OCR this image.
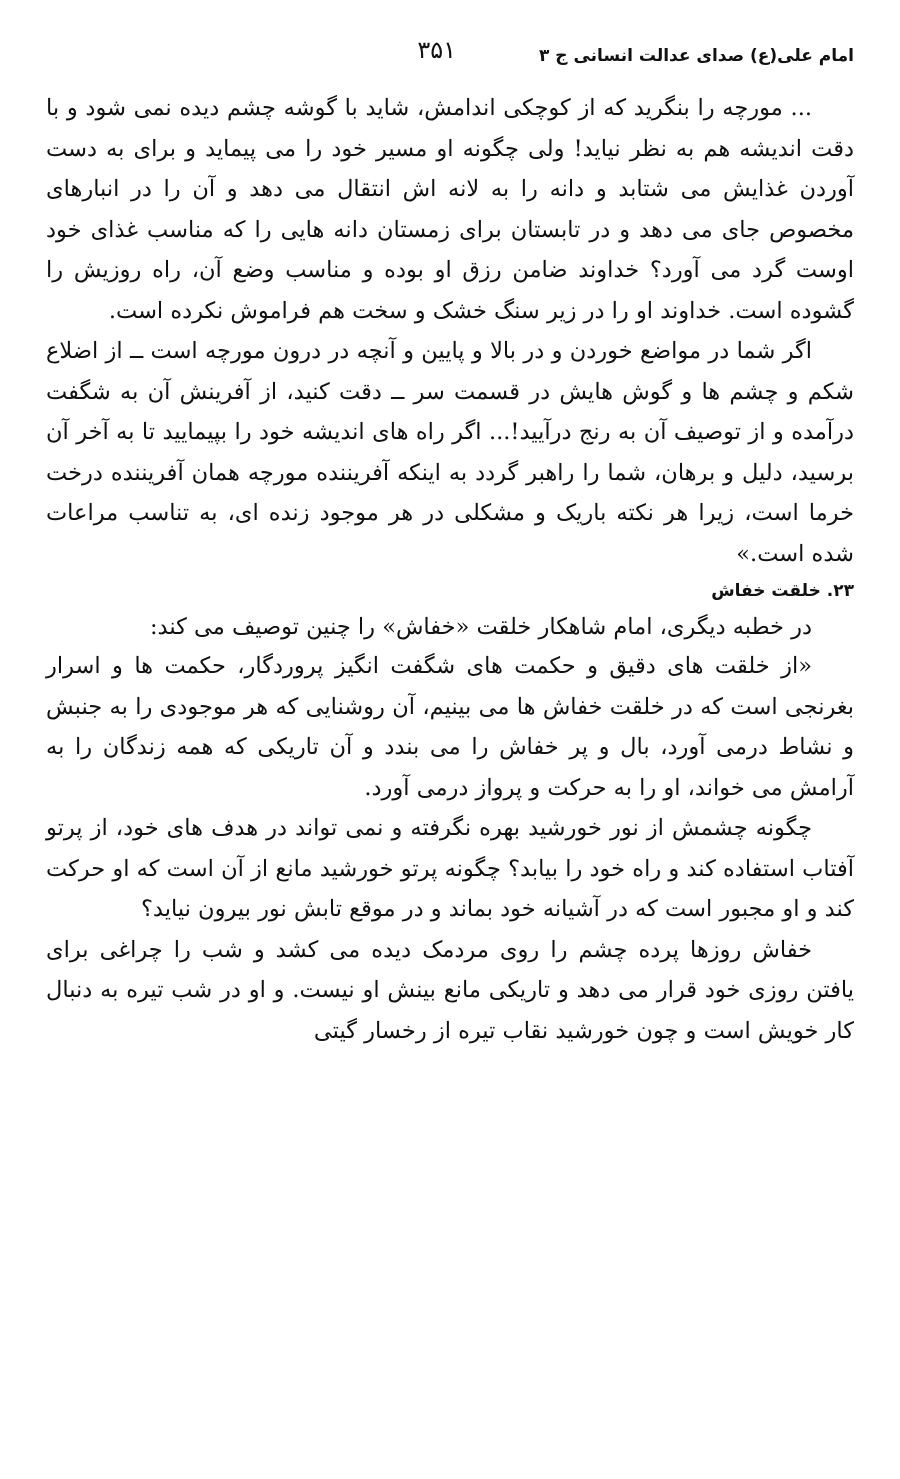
امام علی(ع) صدای عدالت انسانی ج ۳
۳۵۱

... مورچه را بنگرید که از کوچکی اندامش، شاید با گوشه چشم دیده نمی شود و با دقت اندیشه هم به نظر نیاید! ولی چگونه او مسیر خود را می پیماید و برای به دست آوردن غذایش می شتابد و دانه را به لانه اش انتقال می دهد و آن را در انبارهای مخصوص جای می دهد و در تابستان برای زمستان دانه هایی را که مناسب غذای خود اوست گرد می آورد؟ خداوند ضامن رزق او بوده و مناسب وضع آن، راه روزیش را گشوده است. خداوند او را در زیر سنگ خشک و سخت هم فراموش نکرده است.

اگر شما در مواضع خوردن و در بالا و پایین و آنچه در درون مورچه است ــ از اضلاع شکم و چشم ها و گوش هایش در قسمت سر ــ دقت کنید، از آفرینش آن به شگفت درآمده و از توصیف آن به رنج درآیید!... اگر راه های اندیشه خود را بپیمایید تا به آخر آن برسید، دلیل و برهان، شما را راهبر گردد به اینکه آفریننده مورچه همان آفریننده درخت خرما است، زیرا هر نکته باریک و مشکلی در هر موجود زنده ای، به تناسب مراعات شده است.»

۲۳. خلقت خفاش

در خطبه دیگری، امام شاهکار خلقت «خفاش» را چنین توصیف می کند:

«از خلقت های دقیق و حکمت های شگفت انگیز پروردگار، حکمت ها و اسرار بغرنجی است که در خلقت خفاش ها می بینیم، آن روشنایی که هر موجودی را به جنبش و نشاط درمی آورد، بال و پر خفاش را می بندد و آن تاریکی که همه زندگان را به آرامش می خواند، او را به حرکت و پرواز درمی آورد.

چگونه چشمش از نور خورشید بهره نگرفته و نمی تواند در هدف های خود، از پرتو آفتاب استفاده کند و راه خود را بیابد؟ چگونه پرتو خورشید مانع از آن است که او حرکت کند و او مجبور است که در آشیانه خود بماند و در موقع تابش نور بیرون نیاید؟

خفاش روزها پرده چشم را روی مردمک دیده می کشد و شب را چراغی برای یافتن روزی خود قرار می دهد و تاریکی مانع بینش او نیست. و او در شب تیره به دنبال کار خویش است و چون خورشید نقاب تیره از رخسار گیتی
